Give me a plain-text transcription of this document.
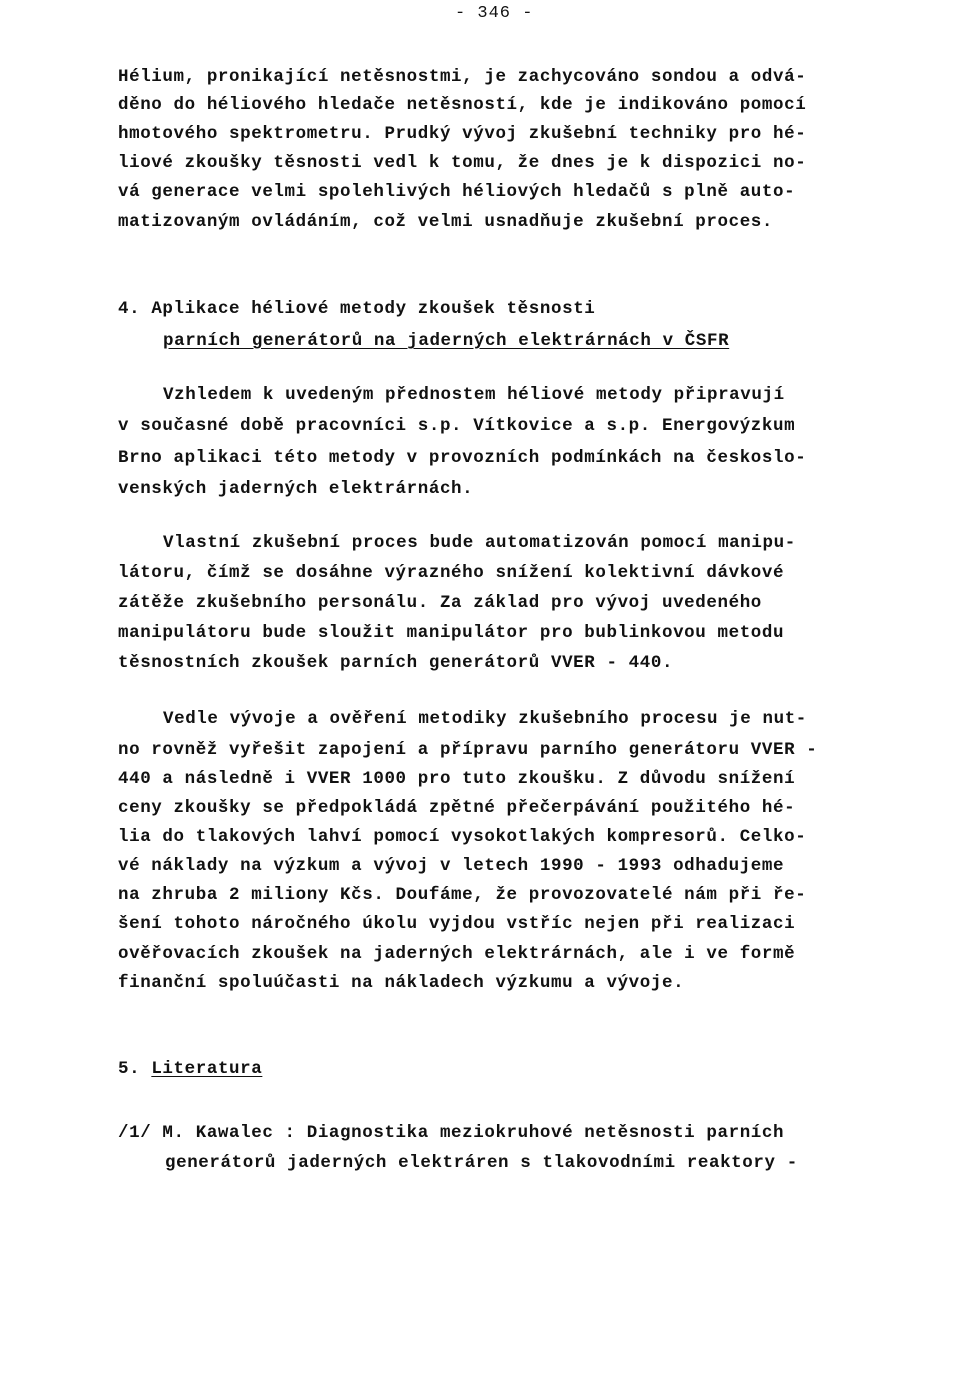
- 346 -
Hélium, pronikající netěsnostmi, je zachycováno sondou a odvá-
děno do héliového hledače netěsností, kde je indikováno pomocí
hmotového spektrometru. Prudký vývoj zkušební techniky pro hé-
liové zkoušky těsnosti vedl k tomu, že dnes je k dispozici no-
vá generace velmi spolehlivých héliových hledačů s plně auto-
matizovaným ovládáním, což velmi usnadňuje zkušební proces.
4. Aplikace héliové metody zkoušek těsnosti
parních generátorů na jaderných elektrárnách v ČSFR
Vzhledem k uvedeným přednostem héliové metody připravují
v současné době pracovníci s.p. Vítkovice a s.p. Energovýzkum
Brno aplikaci této metody v provozních podmínkách na českoslo-
venských jaderných elektrárnách.
Vlastní zkušební proces bude automatizován pomocí manipu-
látoru, čímž se dosáhne výrazného snížení kolektivní dávkové
zátěže zkušebního personálu. Za základ pro vývoj uvedeného
manipulátoru bude sloužit manipulátor pro bublinkovou metodu
těsnostních zkoušek parních generátorů VVER - 440.
Vedle vývoje a ověření metodiky zkušebního procesu je nut-
no rovněž vyřešit zapojení a přípravu parního generátoru VVER -
440 a následně i VVER 1000 pro tuto zkoušku. Z důvodu snížení
ceny zkoušky se předpokládá zpětné přečerpávání použitého hé-
lia do tlakových lahví pomocí vysokotlakých kompresorů. Celko-
vé náklady na výzkum a vývoj v letech 1990 - 1993 odhadujeme
na zhruba 2 miliony Kčs. Doufáme, že provozovatelé nám při ře-
šení tohoto náročného úkolu vyjdou vstříc nejen při realizaci
ověřovacích zkoušek na jaderných elektrárnách, ale i ve formě
finanční spoluúčasti na nákladech výzkumu a vývoje.
5. Literatura
/1/ M. Kawalec : Diagnostika meziokruhové netěsnosti parních
generátorů jaderných elektráren s tlakovodními reaktory -
